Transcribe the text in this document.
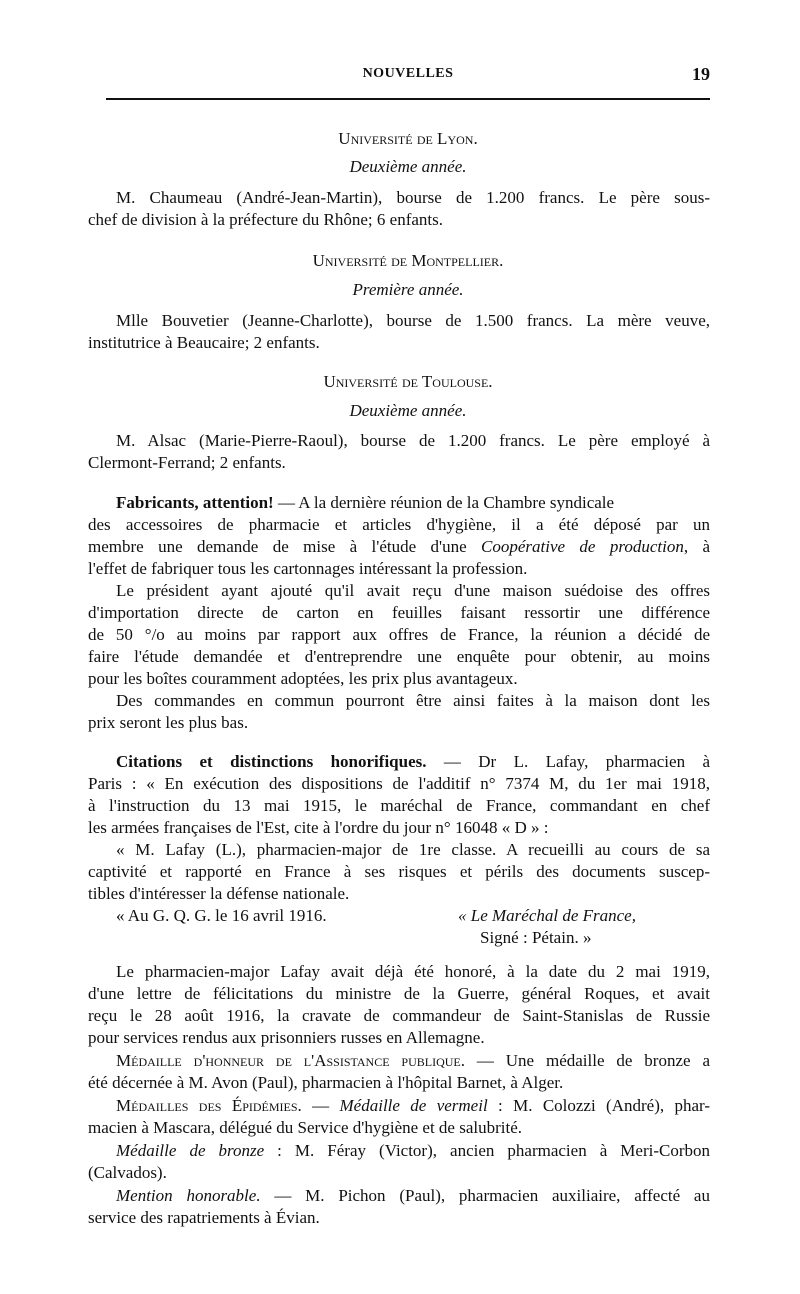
NOUVELLES	19
Université de Lyon.
Deuxième année.
M. Chaumeau (André-Jean-Martin), bourse de 1.200 francs. Le père sous-
chef de division à la préfecture du Rhône; 6 enfants.
Université de Montpellier.
Première année.
Mlle Bouvetier (Jeanne-Charlotte), bourse de 1.500 francs. La mère veuve,
institutrice à Beaucaire; 2 enfants.
Université de Toulouse.
Deuxième année.
M. Alsac (Marie-Pierre-Raoul), bourse de 1.200 francs. Le père employé à
Clermont-Ferrand; 2 enfants.
Fabricants, attention! — A la dernière réunion de la Chambre syndicale
des accessoires de pharmacie et articles d'hygiène, il a été déposé par un
membre une demande de mise à l'étude d'une Coopérative de production, à
l'effet de fabriquer tous les cartonnages intéressant la profession.
Le président ayant ajouté qu'il avait reçu d'une maison suédoise des offres
d'importation directe de carton en feuilles faisant ressortir une différence
de 50 °/o au moins par rapport aux offres de France, la réunion a décidé de
faire l'étude demandée et d'entreprendre une enquête pour obtenir, au moins
pour les boîtes couramment adoptées, les prix plus avantageux.
Des commandes en commun pourront être ainsi faites à la maison dont les
prix seront les plus bas.
Citations et distinctions honorifiques. — Dr L. Lafay, pharmacien à
Paris : « En exécution des dispositions de l'additif n° 7374 M, du 1er mai 1918,
à l'instruction du 13 mai 1915, le maréchal de France, commandant en chef
les armées françaises de l'Est, cite à l'ordre du jour n° 16048 « D » :
« M. Lafay (L.), pharmacien-major de 1re classe. A recueilli au cours de sa
captivité et rapporté en France à ses risques et périls des documents suscep-
tibles d'intéresser la défense nationale.
« Au G. Q. G. le 16 avril 1916.	« Le Maréchal de France,
Signé : Pétain. »
Le pharmacien-major Lafay avait déjà été honoré, à la date du 2 mai 1919,
d'une lettre de félicitations du ministre de la Guerre, général Roques, et avait
reçu le 28 août 1916, la cravate de commandeur de Saint-Stanislas de Russie
pour services rendus aux prisonniers russes en Allemagne.
Médaille d'honneur de l'Assistance publique. — Une médaille de bronze a
été décernée à M. Avon (Paul), pharmacien à l'hôpital Barnet, à Alger.
Médailles des Épidémies. — Médaille de vermeil : M. Colozzi (André), phar-
macien à Mascara, délégué du Service d'hygiène et de salubrité.
Médaille de bronze : M. Féray (Victor), ancien pharmacien à Meri-Corbon
(Calvados).
Mention honorable. — M. Pichon (Paul), pharmacien auxiliaire, affecté au
service des rapatriements à Évian.
